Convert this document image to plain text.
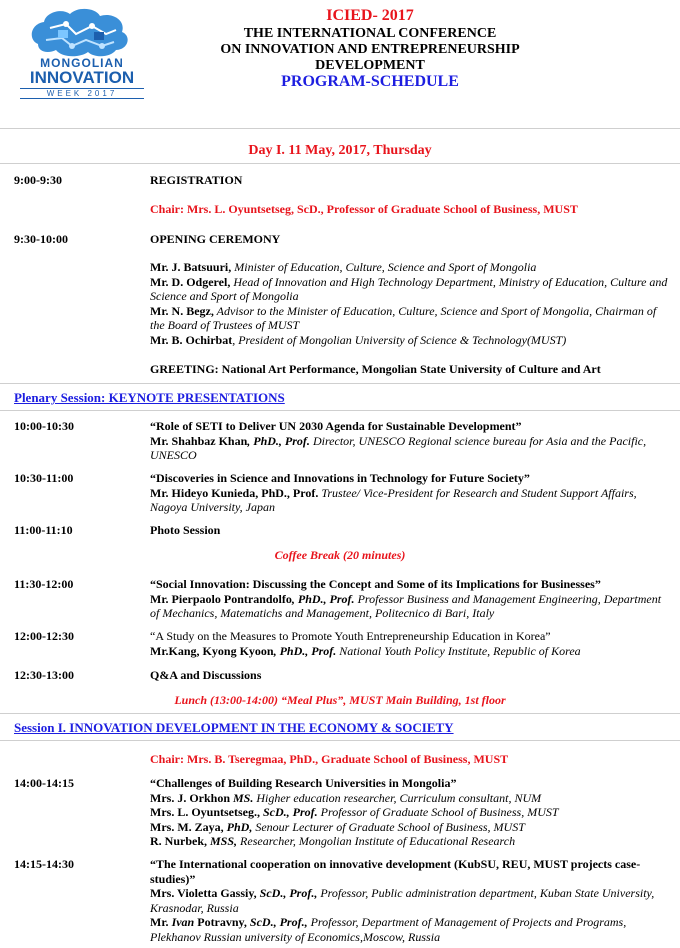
MONGOLIAN
INNOVATION
WEEK 2017
ICIED- 2017
THE INTERNATIONAL CONFERENCE
ON INNOVATION AND ENTREPRENEURSHIP
DEVELOPMENT
PROGRAM-SCHEDULE
Day I. 11 May, 2017, Thursday
9:00-9:30	REGISTRATION
Chair: Mrs. L. Oyuntsetseg, ScD., Professor of Graduate School of Business, MUST
9:30-10:00	OPENING CEREMONY
Mr. J. Batsuuri, Minister of Education, Culture, Science and Sport of Mongolia
Mr. D. Odgerel, Head of Innovation and High Technology Department, Ministry of Education, Culture and Science and Sport of Mongolia
Mr. N. Begz, Advisor to the Minister of Education, Culture, Science and Sport of Mongolia, Chairman of the Board of Trustees of MUST
Mr. B. Ochirbat, President of Mongolian University of Science & Technology(MUST)
GREETING: National Art Performance, Mongolian State University of Culture and Art
Plenary Session: KEYNOTE PRESENTATIONS
10:00-10:30	“Role of SETI to Deliver UN 2030 Agenda for Sustainable Development”
Mr. Shahbaz Khan, PhD., Prof. Director, UNESCO Regional science bureau for Asia and the Pacific, UNESCO
10:30-11:00	“Discoveries in Science and Innovations in Technology for Future Society”
Mr. Hideyo Kunieda, PhD., Prof. Trustee/ Vice-President for Research and Student Support Affairs, Nagoya University, Japan
11:00-11:10	Photo Session
Coffee Break (20 minutes)
11:30-12:00	“Social Innovation: Discussing the Concept and Some of its Implications for Businesses”
Mr. Pierpaolo Pontrandolfo, PhD., Prof. Professor Business and Management Engineering, Department of Mechanics, Matematichs and Management, Politecnico di Bari, Italy
12:00-12:30	“A Study on the Measures to Promote Youth Entrepreneurship Education in Korea”
Mr.Kang, Kyong Kyoon, PhD., Prof. National Youth Policy Institute, Republic of Korea
12:30-13:00	Q&A and Discussions
Lunch (13:00-14:00) “Meal Plus”, MUST Main Building, 1st floor
Session I. INNOVATION DEVELOPMENT IN THE ECONOMY & SOCIETY
Chair: Mrs. B. Tseregmaa, PhD., Graduate School of Business, MUST
14:00-14:15	“Challenges of Building Research Universities in Mongolia”
Mrs. J. Orkhon MS. Higher education researcher, Curriculum consultant, NUM
Mrs. L. Oyuntsetseg., ScD., Prof. Professor of Graduate School of Business, MUST
Mrs. M. Zaya, PhD, Senour Lecturer of Graduate School of Business, MUST
R. Nurbek, MSS, Researcher, Mongolian Institute of Educational Research
14:15-14:30	“The International cooperation on innovative development (KubSU, REU, MUST projects case-studies)”
Mrs. Violetta Gassiy, ScD., Prof., Professor, Public administration department, Kuban State University, Krasnodar, Russia
Mr. Ivan Potravny, ScD., Prof., Professor, Department of Management of Projects and Programs, Plekhanov Russian university of Economics,Moscow, Russia
